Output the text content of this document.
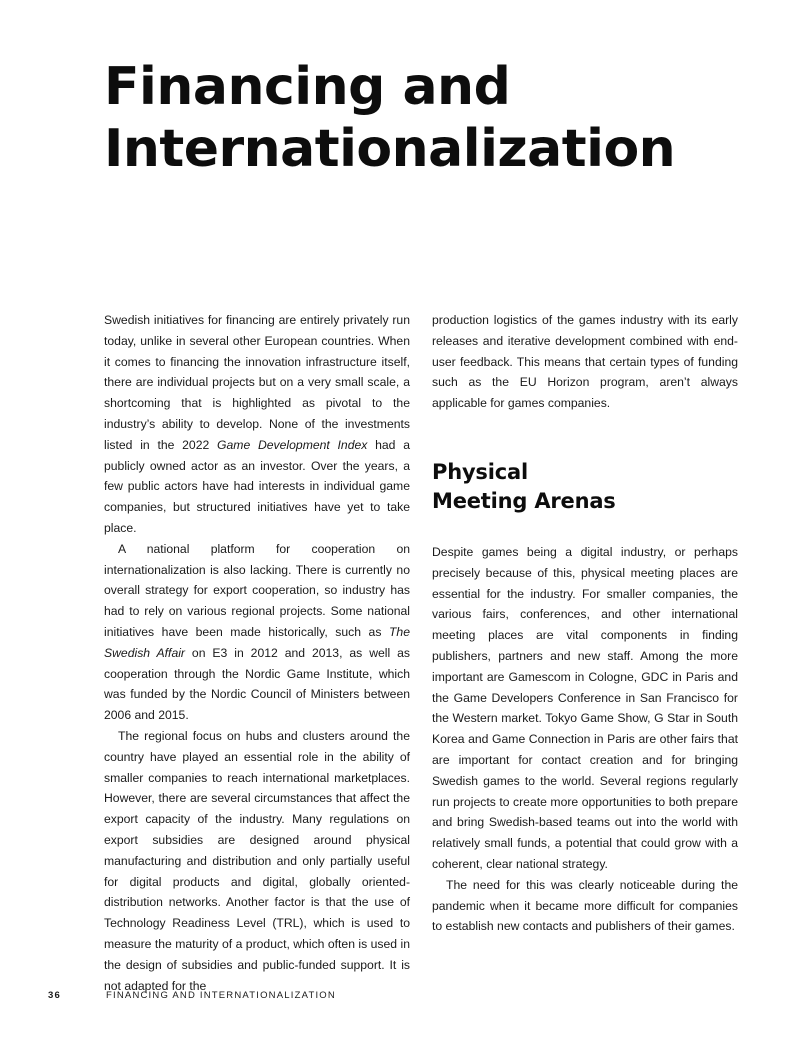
Financing and
Internationalization

Swedish initiatives for financing are entirely privately run today, unlike in several other European countries. When it comes to financing the innovation infrastructure itself, there are individual projects but on a very small scale, a shortcoming that is highlighted as pivotal to the industry’s ability to develop. None of the investments listed in the 2022 Game Development Index had a publicly owned actor as an investor. Over the years, a few public actors have had interests in individual game companies, but structured initiatives have yet to take place.

A national platform for cooperation on internationalization is also lacking. There is currently no overall strategy for export cooperation, so industry has had to rely on various regional projects. Some national initiatives have been made historically, such as The Swedish Affair on E3 in 2012 and 2013, as well as cooperation through the Nordic Game Institute, which was funded by the Nordic Council of Ministers between 2006 and 2015.

The regional focus on hubs and clusters around the country have played an essential role in the ability of smaller companies to reach international marketplaces. However, there are several circumstances that affect the export capacity of the industry. Many regulations on export subsidies are designed around physical manufacturing and distribution and only partially useful for digital products and digital, globally oriented-distribution networks. Another factor is that the use of Technology Readiness Level (TRL), which is used to measure the maturity of a product, which often is used in the design of subsidies and public-funded support. It is not adapted for the

production logistics of the games industry with its early releases and iterative development combined with end-user feedback. This means that certain types of funding such as the EU Horizon program, aren’t always applicable for games companies.

Physical
Meeting Arenas

Despite games being a digital industry, or perhaps precisely because of this, physical meeting places are essential for the industry. For smaller companies, the various fairs, conferences, and other international meeting places are vital components in finding publishers, partners and new staff. Among the more important are Gamescom in Cologne, GDC in Paris and the Game Developers Conference in San Francisco for the Western market. Tokyo Game Show, G Star in South Korea and Game Connection in Paris are other fairs that are important for contact creation and for bringing Swedish games to the world. Several regions regularly run projects to create more opportunities to both prepare and bring Swedish-based teams out into the world with relatively small funds, a potential that could grow with a coherent, clear national strategy.

The need for this was clearly noticeable during the pandemic when it became more difficult for companies to establish new contacts and publishers of their games.

36	FINANCING AND INTERNATIONALIZATION
